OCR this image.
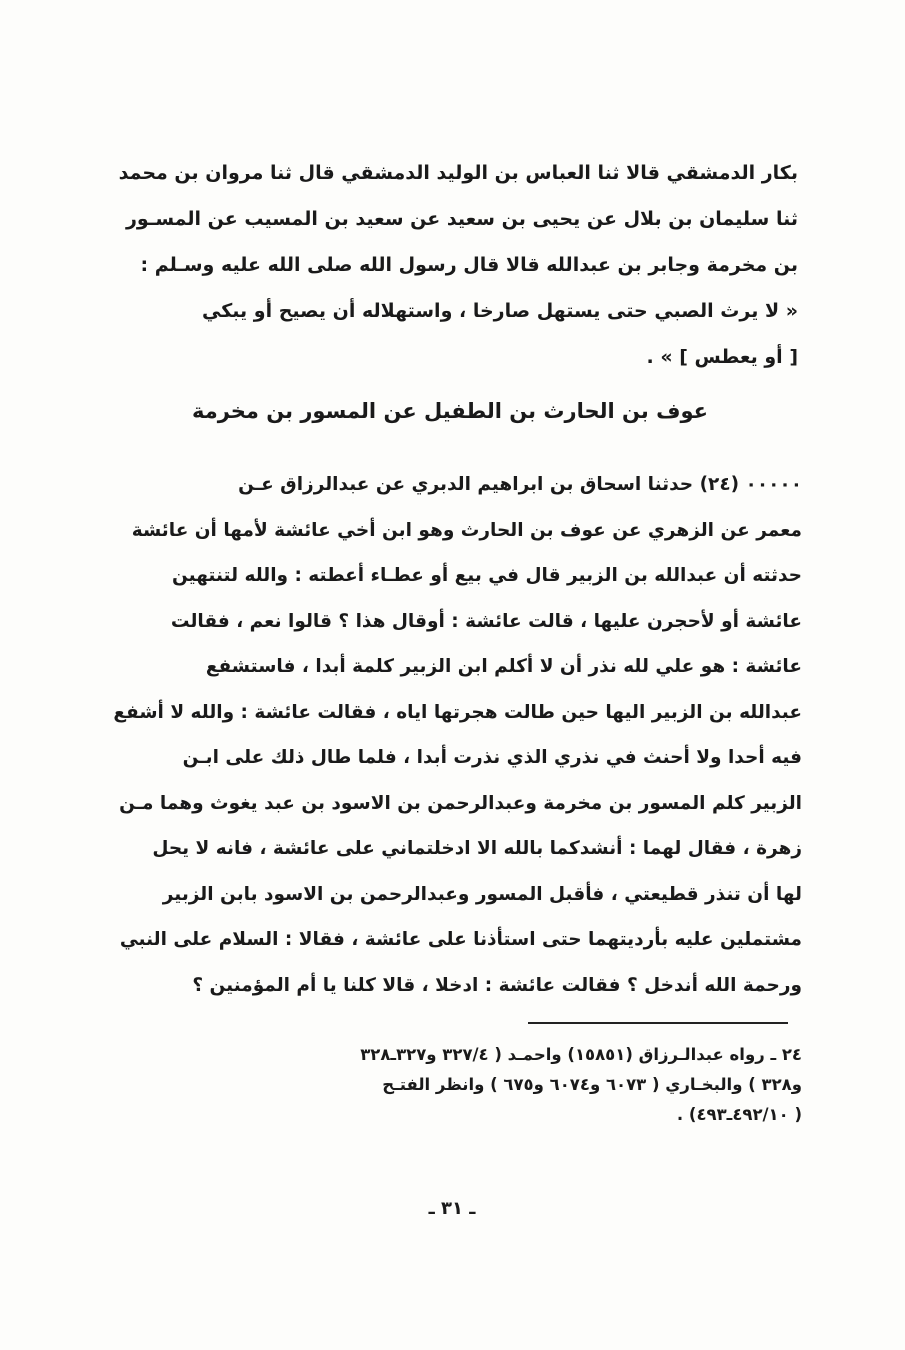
بكار الدمشقي قالا ثنا العباس بن الوليد الدمشقي قال ثنا مروان بن محمد
ثنا سليمان بن بلال عن يحيى بن سعيد عن سعيد بن المسيب عن المسـور
بن مخرمة وجابر بن عبدالله قالا قال رسول الله صلى الله عليه وسـلم :
« لا يرث الصبي حتى يستهل صارخا ، واستهلاله أن يصيح أو يبكي
[ أو يعطس ] » .
عوف بن الحارث بن الطفيل عن المسور بن مخرمة
٠٠٠٠٠ (٢٤) حدثنا اسحاق بن ابراهيم الدبري عن عبدالرزاق عـن
معمر عن الزهري عن عوف بن الحارث وهو ابن أخي عائشة لأمها أن عائشة
حدثته أن عبدالله بن الزبير قال في بيع أو عطـاء أعطته : والله لتنتهين
عائشة أو لأحجرن عليها ، قالت عائشة : أوقال هذا ؟ قالوا نعم ، فقالت
عائشة : هو علي لله نذر أن لا أكلم ابن الزبير كلمة أبدا ، فاستشفع
عبدالله بن الزبير اليها حين طالت هجرتها اياه ، فقالت عائشة : والله لا أشفع
فيه أحدا ولا أحنث في نذري الذي نذرت أبدا ، فلما طال ذلك على ابـن
الزبير كلم المسور بن مخرمة وعبدالرحمن بن الاسود بن عبد يغوث وهما مـن
زهرة ، فقال لهما : أنشدكما بالله الا ادخلتماني على عائشة ، فانه لا يحل
لها أن تنذر قطيعتي ، فأقبل المسور وعبدالرحمن بن الاسود بابن الزبير
مشتملين عليه بأرديتهما حتى استأذنا على عائشة ، فقالا : السلام على النبي
ورحمة الله أندخل ؟ فقالت عائشة : ادخلا ، قالا كلنا يا أم المؤمنين ؟
٢٤ ـ رواه عبدالـرزاق (١٥٨٥١) واحمـد ( ٣٢٧/٤ و٣٢٧ـ٣٢٨
و٣٢٨ ) والبخـاري ( ٦٠٧٣ و٦٠٧٤ و٦٧٥ ) وانظر الفتـح
( ٤٩٢/١٠ـ٤٩٣) .
ـ ٣١ ـ
